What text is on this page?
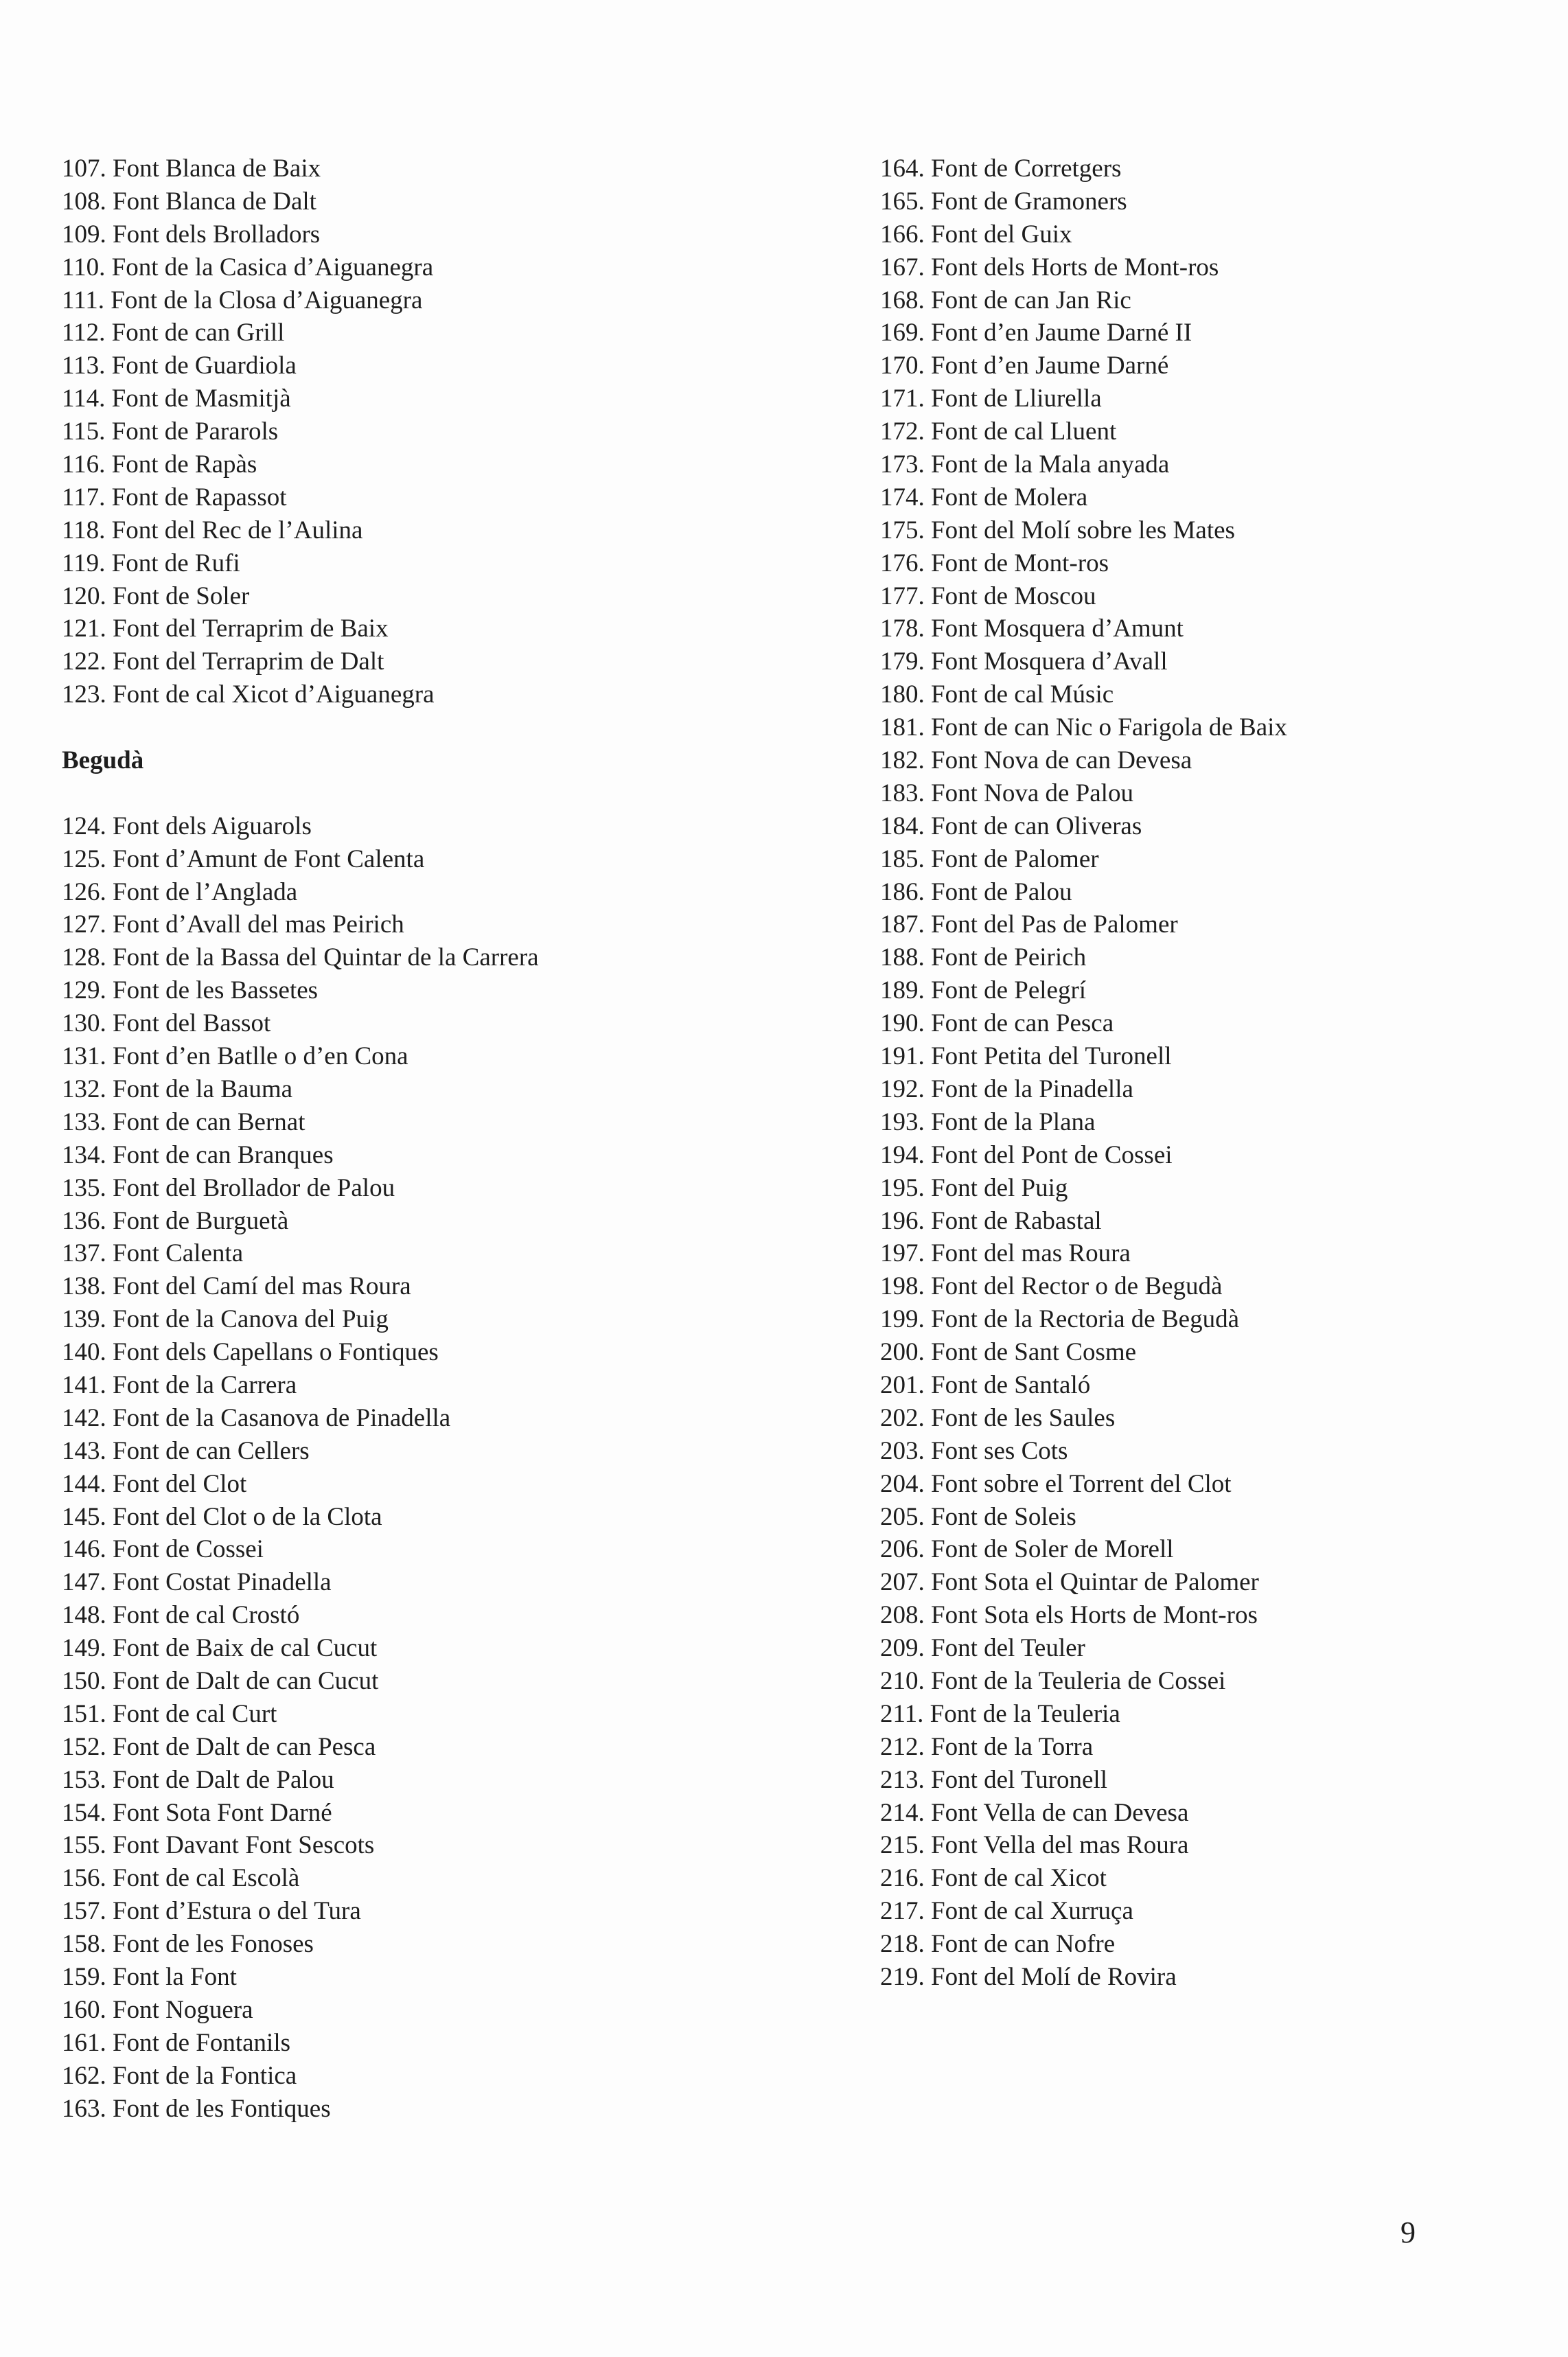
107. Font Blanca de Baix
108. Font Blanca de Dalt
109. Font dels Brolladors
110. Font de la Casica d’Aiguanegra
111. Font de la Closa d’Aiguanegra
112. Font de can Grill
113. Font de Guardiola
114. Font de Masmitjà
115. Font de Pararols
116. Font de Rapàs
117. Font de Rapassot
118. Font del Rec de l’Aulina
119. Font de Rufi
120. Font de Soler
121. Font del Terraprim de Baix
122. Font del Terraprim de Dalt
123. Font de cal Xicot d’Aiguanegra
Begudà
124. Font dels Aiguarols
125. Font d’Amunt de Font Calenta
126. Font de l’Anglada
127. Font d’Avall del mas Peirich
128. Font de la Bassa del Quintar de la Carrera
129. Font de les Bassetes
130. Font del Bassot
131. Font d’en Batlle o d’en Cona
132. Font de la Bauma
133. Font de can Bernat
134. Font de can Branques
135. Font del Brollador de Palou
136. Font de Burguetà
137. Font Calenta
138. Font del Camí del mas Roura
139. Font de la Canova del Puig
140. Font dels Capellans o Fontiques
141. Font de la Carrera
142. Font de la Casanova de Pinadella
143. Font de can Cellers
144. Font del Clot
145. Font del Clot o de la Clota
146. Font de Cossei
147. Font Costat Pinadella
148. Font de cal Crostó
149. Font de Baix de cal Cucut
150. Font de Dalt de can Cucut
151. Font de cal Curt
152. Font de Dalt de can Pesca
153. Font de Dalt de Palou
154. Font Sota Font Darné
155. Font Davant Font Sescots
156. Font de cal Escolà
157. Font d’Estura o del Tura
158. Font de les Fonoses
159. Font la Font
160. Font Noguera
161. Font de Fontanils
162. Font de la Fontica
163. Font de les Fontiques
164. Font de Corretgers
165. Font de Gramoners
166. Font del Guix
167. Font dels Horts de Mont-ros
168. Font de can Jan Ric
169. Font d’en Jaume Darné II
170. Font d’en Jaume Darné
171. Font de Lliurella
172. Font de cal Lluent
173. Font de la Mala anyada
174. Font de Molera
175. Font del Molí sobre les Mates
176. Font de Mont-ros
177. Font de Moscou
178. Font Mosquera d’Amunt
179. Font Mosquera d’Avall
180. Font de cal Músic
181. Font de can Nic o Farigola de Baix
182. Font Nova de can Devesa
183. Font Nova de Palou
184. Font de can Oliveras
185. Font de Palomer
186. Font de Palou
187. Font del Pas de Palomer
188. Font de Peirich
189. Font de Pelegrí
190. Font de can Pesca
191. Font Petita del Turonell
192. Font de la Pinadella
193. Font de la Plana
194. Font del Pont de Cossei
195. Font del Puig
196. Font de Rabastal
197. Font del mas Roura
198. Font del Rector o de Begudà
199. Font de la Rectoria de Begudà
200. Font de Sant Cosme
201. Font de Santaló
202. Font de les Saules
203. Font ses Cots
204. Font sobre el Torrent del Clot
205. Font de Soleis
206. Font de Soler de Morell
207. Font Sota el Quintar de Palomer
208. Font Sota els Horts de Mont-ros
209. Font del Teuler
210. Font de la Teuleria de Cossei
211. Font de la Teuleria
212. Font de la Torra
213. Font del Turonell
214. Font Vella de can Devesa
215. Font Vella del mas Roura
216. Font de cal Xicot
217. Font de cal Xurruça
218. Font de can Nofre
219. Font del Molí de Rovira
9
